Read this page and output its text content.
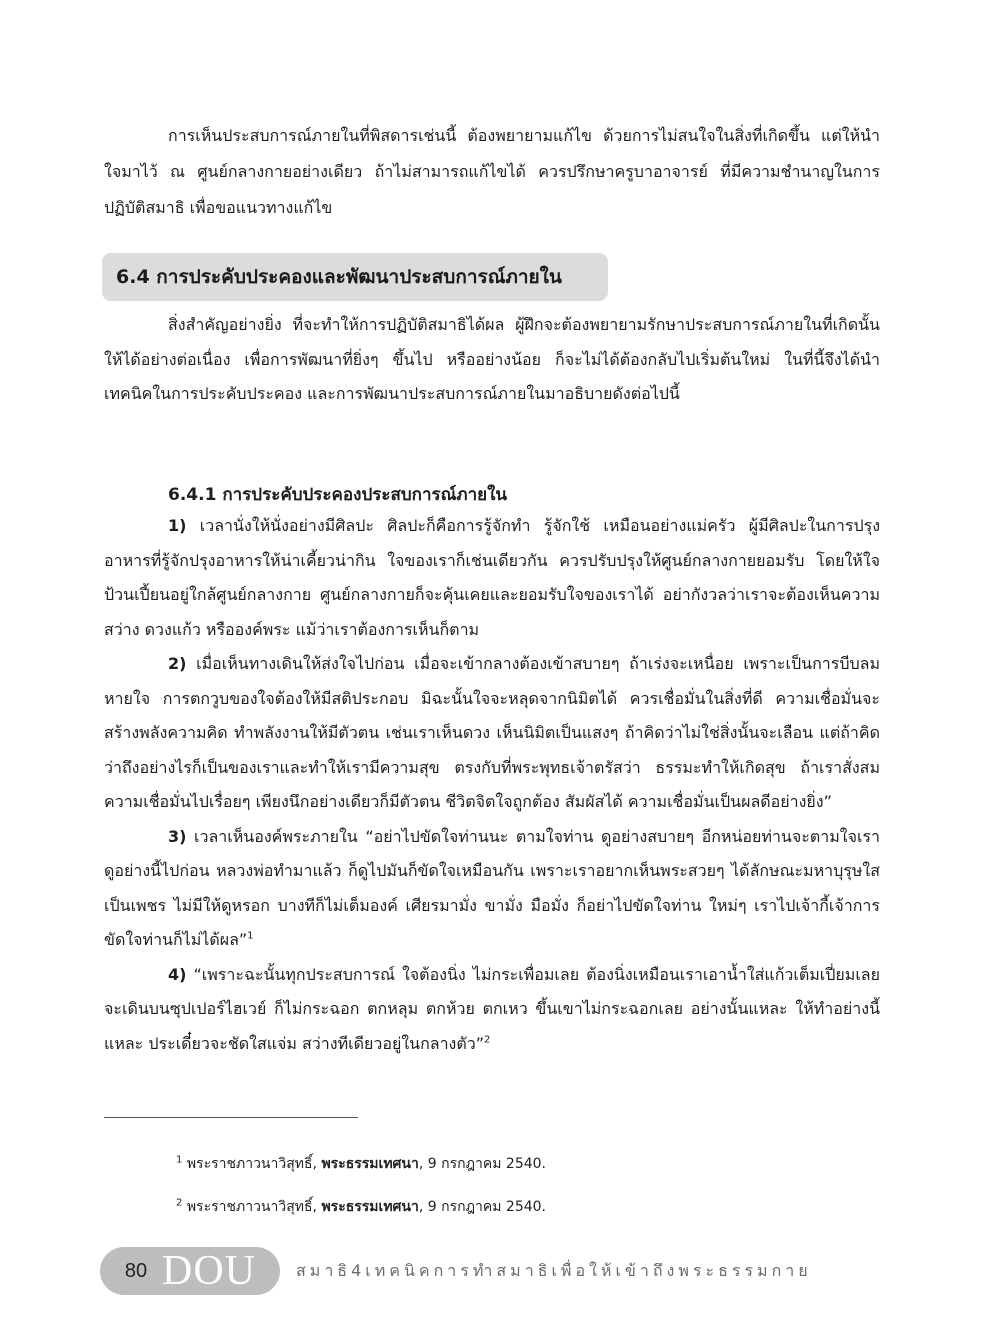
การเห็นประสบการณ์ภายในที่พิสดารเช่นนี้ ต้องพยายามแก้ไข ด้วยการไม่สนใจในสิ่งที่เกิดขึ้น แต่ให้นำใจมาไว้ ณ ศูนย์กลางกายอย่างเดียว ถ้าไม่สามารถแก้ไขได้ ควรปรึกษาครูบาอาจารย์ ที่มีความชำนาญในการปฏิบัติสมาธิ เพื่อขอแนวทางแก้ไข

6.4 การประคับประคองและพัฒนาประสบการณ์ภายใน

สิ่งสำคัญอย่างยิ่ง ที่จะทำให้การปฏิบัติสมาธิได้ผล ผู้ฝึกจะต้องพยายามรักษาประสบการณ์ภายในที่เกิดนั้นให้ได้อย่างต่อเนื่อง เพื่อการพัฒนาที่ยิ่งๆ ขึ้นไป หรืออย่างน้อย ก็จะไม่ได้ต้องกลับไปเริ่มต้นใหม่ ในที่นี้จึงได้นำเทคนิคในการประคับประคอง และการพัฒนาประสบการณ์ภายในมาอธิบายดังต่อไปนี้

6.4.1 การประคับประคองประสบการณ์ภายใน

1) เวลานั่งให้นั่งอย่างมีศิลปะ ศิลปะก็คือการรู้จักทำ รู้จักใช้ เหมือนอย่างแม่ครัว ผู้มีศิลปะในการปรุงอาหารที่รู้จักปรุงอาหารให้น่าเคี้ยวน่ากิน ใจของเราก็เช่นเดียวกัน ควรปรับปรุงให้ศูนย์กลางกายยอมรับ โดยให้ใจป้วนเปี้ยนอยู่ใกล้ศูนย์กลางกาย ศูนย์กลางกายก็จะคุ้นเคยและยอมรับใจของเราได้ อย่ากังวลว่าเราจะต้องเห็นความสว่าง ดวงแก้ว หรือองค์พระ แม้ว่าเราต้องการเห็นก็ตาม

2) เมื่อเห็นทางเดินให้ส่งใจไปก่อน เมื่อจะเข้ากลางต้องเข้าสบายๆ ถ้าเร่งจะเหนื่อย เพราะเป็นการบีบลมหายใจ การตกวูบของใจต้องให้มีสติประกอบ มิฉะนั้นใจจะหลุดจากนิมิตได้ ควรเชื่อมั่นในสิ่งที่ดี ความเชื่อมั่นจะสร้างพลังความคิด ทำพลังงานให้มีตัวตน เช่นเราเห็นดวง เห็นนิมิตเป็นแสงๆ ถ้าคิดว่าไม่ใช่สิ่งนั้นจะเลือน แต่ถ้าคิดว่าถึงอย่างไรก็เป็นของเราและทำให้เรามีความสุข ตรงกับที่พระพุทธเจ้าตรัสว่า ธรรมะทำให้เกิดสุข ถ้าเราสั่งสมความเชื่อมั่นไปเรื่อยๆ เพียงนึกอย่างเดียวก็มีตัวตน ชีวิตจิตใจถูกต้อง สัมผัสได้ ความเชื่อมั่นเป็นผลดีอย่างยิ่ง”

3) เวลาเห็นองค์พระภายใน “อย่าไปขัดใจท่านนะ ตามใจท่าน ดูอย่างสบายๆ อีกหน่อยท่านจะตามใจเรา ดูอย่างนี้ไปก่อน หลวงพ่อทำมาแล้ว ก็ดูไปมันก็ขัดใจเหมือนกัน เพราะเราอยากเห็นพระสวยๆ ได้ลักษณะมหาบุรุษใสเป็นเพชร ไม่มีให้ดูหรอก บางทีก็ไม่เต็มองค์ เศียรมามั่ง ขามั่ง มือมั่ง ก็อย่าไปขัดใจท่าน ใหม่ๆ เราไปเจ้ากี้เจ้าการขัดใจท่านก็ไม่ได้ผล”$^1$

4) “เพราะฉะนั้นทุกประสบการณ์ ใจต้องนิ่ง ไม่กระเพื่อมเลย ต้องนิ่งเหมือนเราเอาน้ำใส่แก้วเต็มเปี่ยมเลย จะเดินบนซุปเปอร์ไฮเวย์ ก็ไม่กระฉอก ตกหลุม ตกห้วย ตกเหว ขึ้นเขาไม่กระฉอกเลย อย่างนั้นแหละ ให้ทำอย่างนี้แหละ ประเดี๋ยวจะชัดใสแจ่ม สว่างทีเดียวอยู่ในกลางตัว”$^2$

$^1$ พระราชภาวนาวิสุทธิ์, พระธรรมเทศนา, 9 กรกฎาคม 2540.

$^2$ พระราชภาวนาวิสุทธิ์, พระธรรมเทศนา, 9 กรกฎาคม 2540.

80 DOU	สมาธิ4เทคนิคการทำสมาธิเพื่อให้เข้าถึงพระธรรมกาย
